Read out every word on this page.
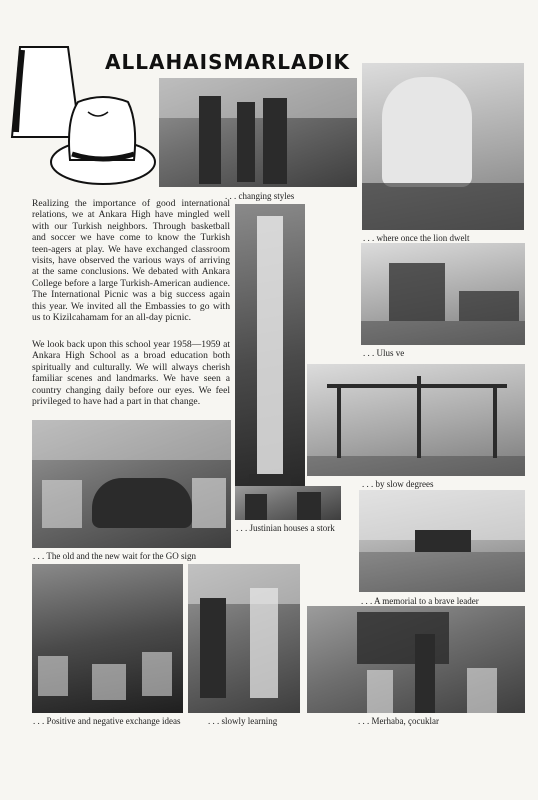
ALLAHAISMARLADIK
. . . changing styles
. . . where once the lion dwelt

Realizing the importance of good international relations, we at Ankara High have mingled well with our Turkish neighbors. Through basketball and soccer we have come to know the Turkish teen-agers at play. We have exchanged classroom visits, have observed the various ways of arriving at the same conclusions. We debated with Ankara College before a large Turkish-American audience. The International Picnic was a big success again this year. We invited all the Embassies to go with us to Kizilcahamam for an all-day picnic.

We look back upon this school year 1958—1959 at Ankara High School as a broad education both spiritually and culturally. We will always cherish familiar scenes and landmarks. We have seen a country changing daily before our eyes. We feel privileged to have had a part in that change.

. . . Justinian houses a stork
. . . Ulus ve
. . . by slow degrees
. . . A memorial to a brave leader
. . . The old and the new wait for the GO sign
. . . Positive and negative exchange ideas	. . . slowly learning	. . . Merhaba, çocuklar
